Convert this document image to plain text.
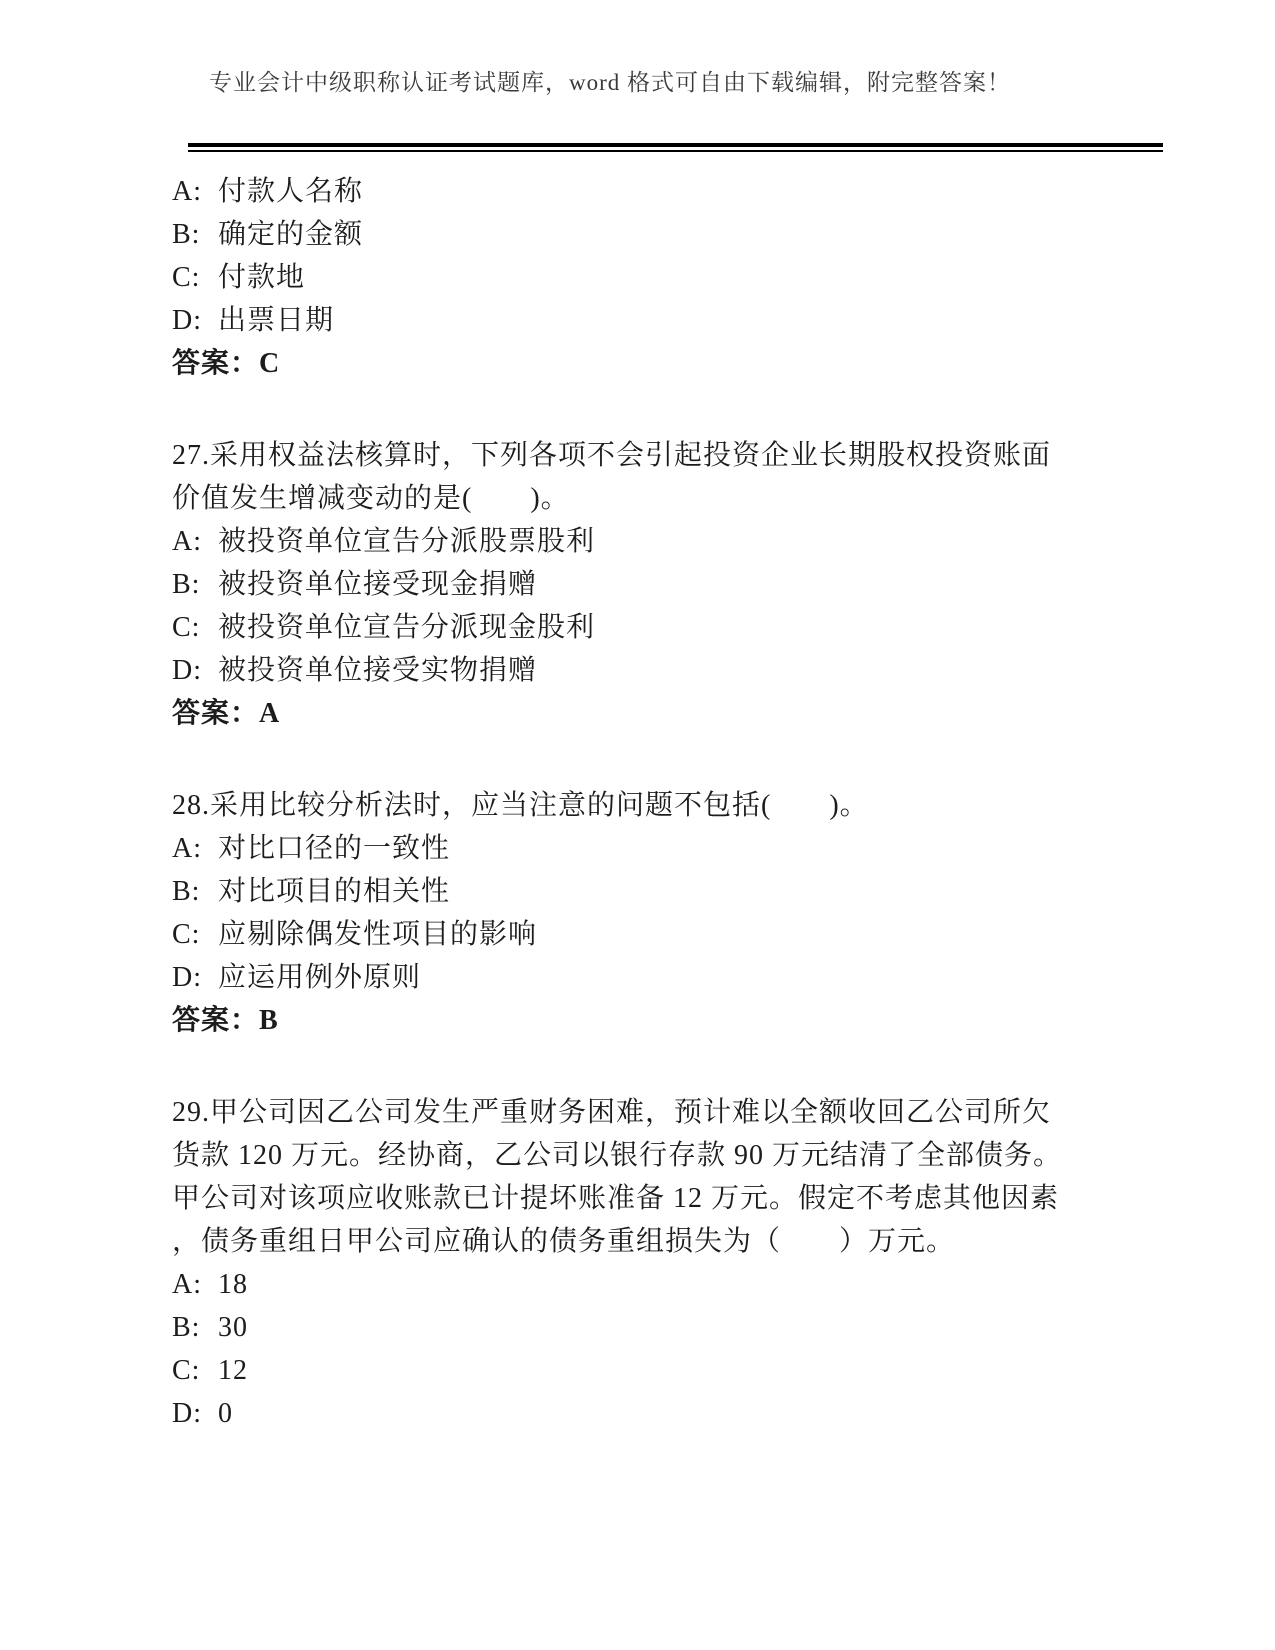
专业会计中级职称认证考试题库，word 格式可自由下载编辑，附完整答案！
A: 付款人名称
B: 确定的金额
C: 付款地
D: 出票日期
答案：C
27.采用权益法核算时，下列各项不会引起投资企业长期股权投资账面
价值发生增减变动的是(　　)。
A: 被投资单位宣告分派股票股利
B: 被投资单位接受现金捐赠
C: 被投资单位宣告分派现金股利
D: 被投资单位接受实物捐赠
答案：A
28.采用比较分析法时，应当注意的问题不包括(　　)。
A: 对比口径的一致性
B: 对比项目的相关性
C: 应剔除偶发性项目的影响
D: 应运用例外原则
答案：B
29.甲公司因乙公司发生严重财务困难，预计难以全额收回乙公司所欠
货款 120 万元。经协商，乙公司以银行存款 90 万元结清了全部债务。
甲公司对该项应收账款已计提坏账准备 12 万元。假定不考虑其他因素
，债务重组日甲公司应确认的债务重组损失为（　　）万元。
A: 18
B: 30
C: 12
D: 0
